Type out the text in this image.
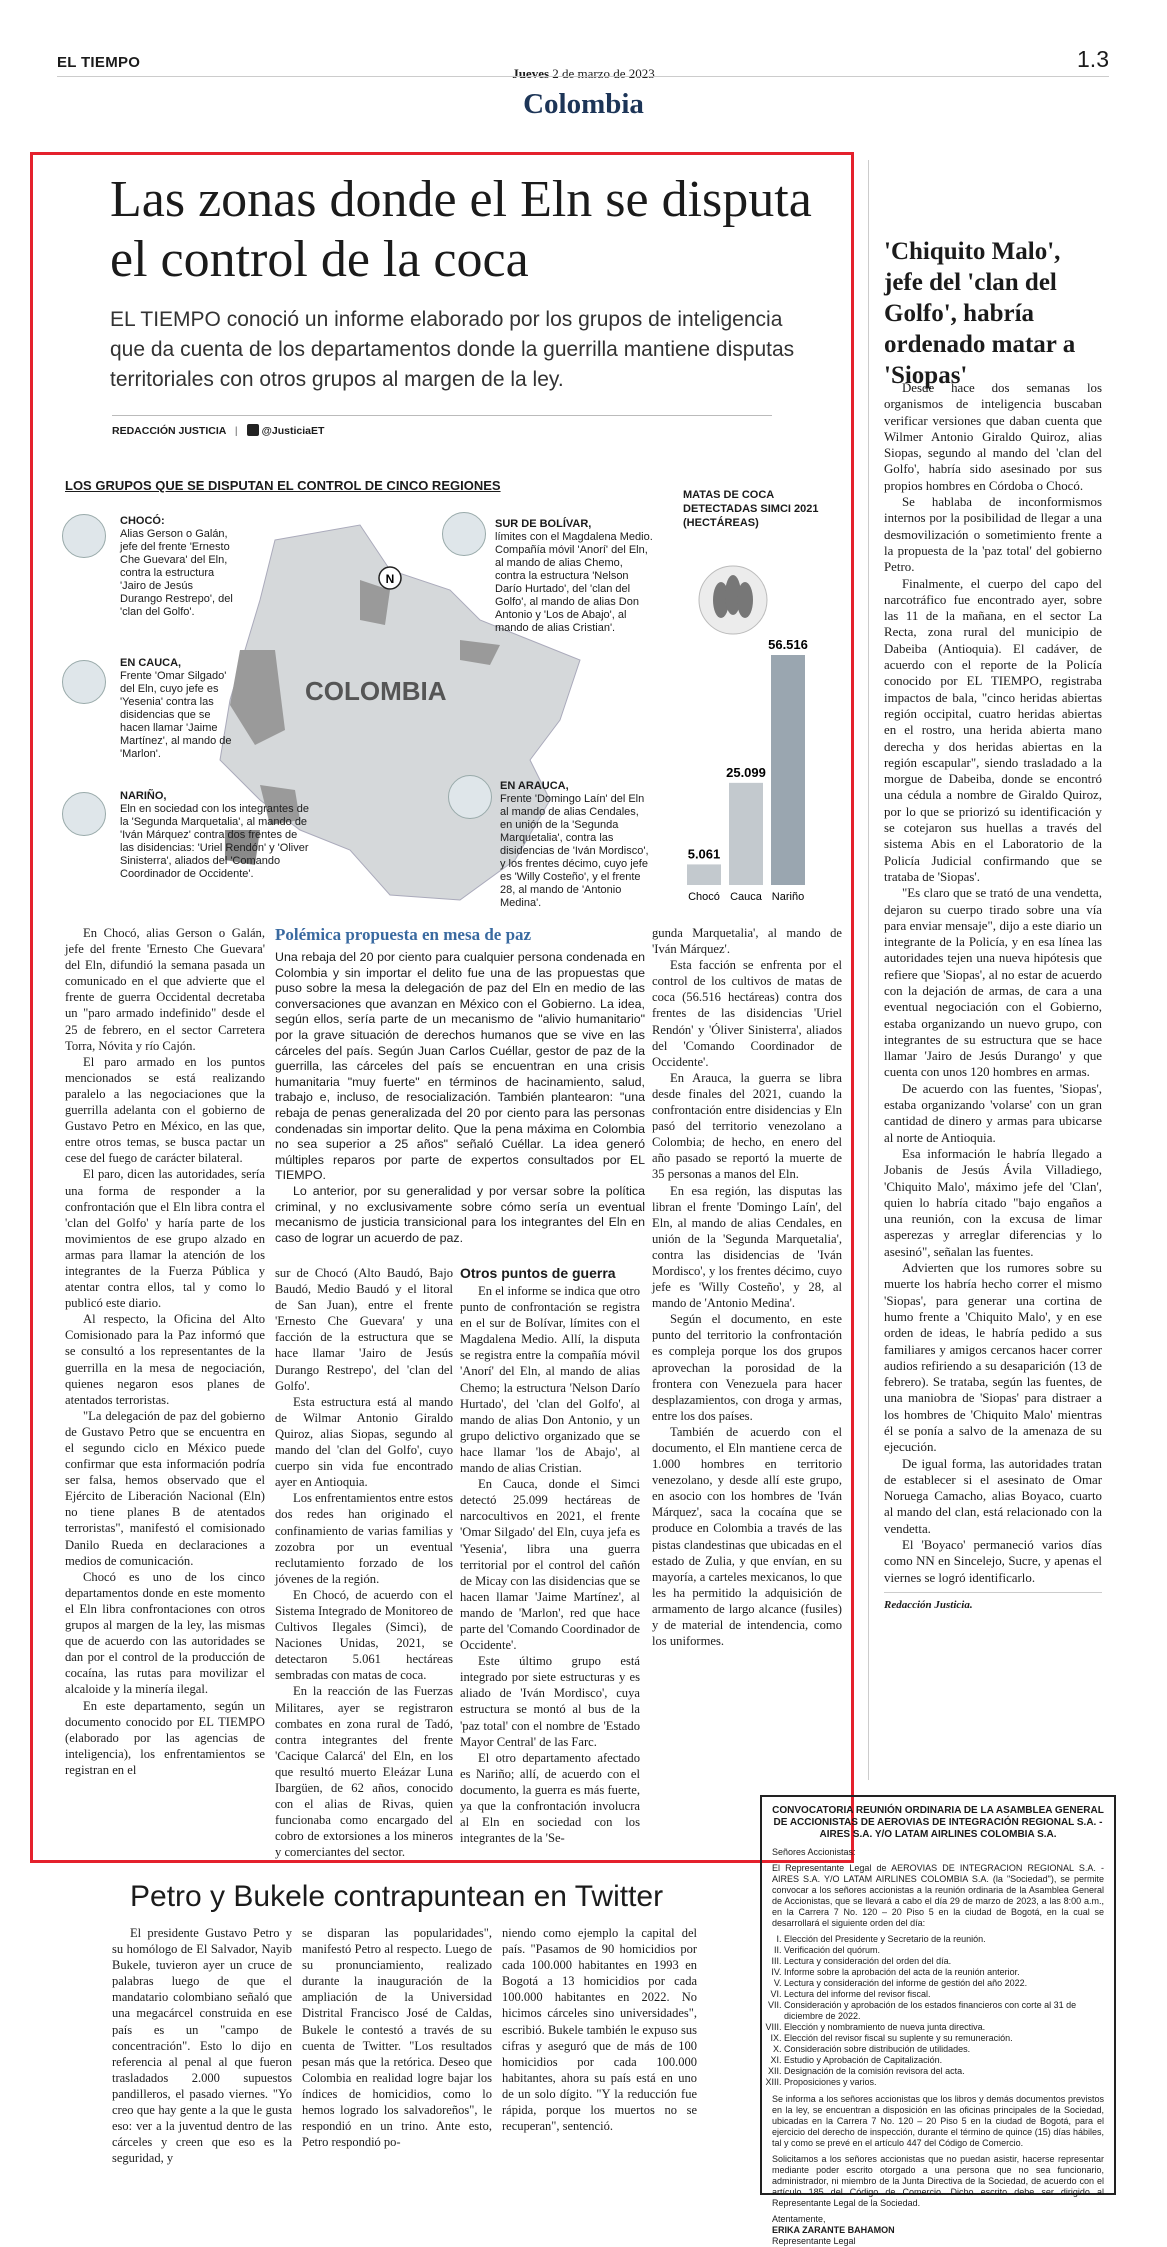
EL TIEMPO
Jueves 2 de marzo de 2023
Colombia
1.3
Las zonas donde el Eln se disputa el control de la coca

EL TIEMPO conoció un informe elaborado por los grupos de inteligencia que da cuenta de los departamentos donde la guerrilla mantiene disputas territoriales con otros grupos al margen de la ley.

REDACCIÓN JUSTICIA | @JusticiaET
LOS GRUPOS QUE SE DISPUTAN EL CONTROL DE CINCO REGIONES
COLOMBIA
N
CHOCÓ:
Alias Gerson o Galán, jefe del frente 'Ernesto Che Guevara' del Eln, contra la estructura 'Jairo de Jesús Durango Restrepo', del 'clan del Golfo'.
EN CAUCA,
Frente 'Omar Silgado' del Eln, cuyo jefe es 'Yesenia' contra las disidencias que se hacen llamar 'Jaime Martínez', al mando de 'Marlon'.
NARIÑO,
Eln en sociedad con los integrantes de la 'Segunda Marquetalia', al mando de 'Iván Márquez' contra dos frentes de las disidencias: 'Uriel Rendón' y 'Oliver Sinisterra', aliados del 'Comando Coordinador de Occidente'.
SUR DE BOLÍVAR,
límites con el Magdalena Medio. Compañía móvil 'Anorí' del Eln, al mando de alias Chemo, contra la estructura 'Nelson Darío Hurtado', del 'clan del Golfo', al mando de alias Don Antonio y 'Los de Abajo', al mando de alias Cristian'.
EN ARAUCA,
Frente 'Domingo Laín' del Eln al mando de alias Cendales, en unión de la 'Segunda Marquetalia', contra las disidencias de 'Iván Mordisco', y los frentes décimo, cuyo jefe es 'Willy Costeño', y el frente 28, al mando de 'Antonio Medina'.
MATAS DE COCA DETECTADAS SIMCI 2021 (HECTÁREAS)
5.061
Chocó
25.099
Cauca
56.516
Nariño

En Chocó, alias Gerson o Galán, jefe del frente 'Ernesto Che Guevara' del Eln, difundió la semana pasada un comunicado en el que advierte que el frente de guerra Occidental decretaba un "paro armado indefinido" desde el 25 de febrero, en el sector Carretera Torra, Nóvita y río Cajón.

El paro armado en los puntos mencionados se está realizando paralelo a las negociaciones que la guerrilla adelanta con el gobierno de Gustavo Petro en México, en las que, entre otros temas, se busca pactar un cese del fuego de carácter bilateral.

El paro, dicen las autoridades, sería una forma de responder a la confrontación que el Eln libra contra el 'clan del Golfo' y haría parte de los movimientos de ese grupo alzado en armas para llamar la atención de los integrantes de la Fuerza Pública y atentar contra ellos, tal y como lo publicó este diario.

Al respecto, la Oficina del Alto Comisionado para la Paz informó que se consultó a los representantes de la guerrilla en la mesa de negociación, quienes negaron esos planes de atentados terroristas.

"La delegación de paz del gobierno de Gustavo Petro que se encuentra en el segundo ciclo en México puede confirmar que esta información podría ser falsa, hemos observado que el Ejército de Liberación Nacional (Eln) no tiene planes B de atentados terroristas", manifestó el comisionado Danilo Rueda en declaraciones a medios de comunicación.

Chocó es uno de los cinco departamentos donde en este momento el Eln libra confrontaciones con otros grupos al margen de la ley, las mismas que de acuerdo con las autoridades se dan por el control de la producción de cocaína, las rutas para movilizar el alcaloide y la minería ilegal.

En este departamento, según un documento conocido por EL TIEMPO (elaborado por las agencias de inteligencia), los enfrentamientos se registran en el

Polémica propuesta en mesa de paz

Una rebaja del 20 por ciento para cualquier persona condenada en Colombia y sin importar el delito fue una de las propuestas que puso sobre la mesa la delegación de paz del Eln en medio de las conversaciones que avanzan en México con el Gobierno. La idea, según ellos, sería parte de un mecanismo de "alivio humanitario" por la grave situación de derechos humanos que se vive en las cárceles del país. Según Juan Carlos Cuéllar, gestor de paz de la guerrilla, las cárceles del país se encuentran en una crisis humanitaria "muy fuerte" en términos de hacinamiento, salud, trabajo e, incluso, de resocialización. También plantearon: "una rebaja de penas generalizada del 20 por ciento para las personas condenadas sin importar delito. Que la pena máxima en Colombia no sea superior a 25 años" señaló Cuéllar. La idea generó múltiples reparos por parte de expertos consultados por EL TIEMPO.

Lo anterior, por su generalidad y por versar sobre la política criminal, y no exclusivamente sobre cómo sería un eventual mecanismo de justicia transicional para los integrantes del Eln en caso de lograr un acuerdo de paz.

sur de Chocó (Alto Baudó, Bajo Baudó, Medio Baudó y el litoral de San Juan), entre el frente 'Ernesto Che Guevara' y una facción de la estructura que se hace llamar 'Jairo de Jesús Durango Restrepo', del 'clan del Golfo'.

Esta estructura está al mando de Wilmar Antonio Giraldo Quiroz, alias Siopas, segundo al mando del 'clan del Golfo', cuyo cuerpo sin vida fue encontrado ayer en Antioquia.

Los enfrentamientos entre estos dos redes han originado el confinamiento de varias familias y zozobra por un eventual reclutamiento forzado de los jóvenes de la región.

En Chocó, de acuerdo con el Sistema Integrado de Monitoreo de Cultivos Ilegales (Simci), de Naciones Unidas, 2021, se detectaron 5.061 hectáreas sembradas con matas de coca.

En la reacción de las Fuerzas Militares, ayer se registraron combates en zona rural de Tadó, contra integrantes del frente 'Cacique Calarcá' del Eln, en los que resultó muerto Eleázar Luna Ibargüen, de 62 años, conocido con el alias de Rivas, quien funcionaba como encargado del cobro de extorsiones a los mineros y comerciantes del sector.

Otros puntos de guerra

En el informe se indica que otro punto de confrontación se registra en el sur de Bolívar, límites con el Magdalena Medio. Allí, la disputa se registra entre la compañía móvil 'Anorí' del Eln, al mando de alias Chemo; la estructura 'Nelson Darío Hurtado', del 'clan del Golfo', al mando de alias Don Antonio, y un grupo delictivo organizado que se hace llamar 'los de Abajo', al mando de alias Cristian.

En Cauca, donde el Simci detectó 25.099 hectáreas de narcocultivos en 2021, el frente 'Omar Silgado' del Eln, cuya jefa es 'Yesenia', libra una guerra territorial por el control del cañón de Micay con las disidencias que se hacen llamar 'Jaime Martínez', al mando de 'Marlon', red que hace parte del 'Comando Coordinador de Occidente'.

Este último grupo está integrado por siete estructuras y es aliado de 'Iván Mordisco', cuya estructura se montó al bus de la 'paz total' con el nombre de 'Estado Mayor Central' de las Farc.

El otro departamento afectado es Nariño; allí, de acuerdo con el documento, la guerra es más fuerte, ya que la confrontación involucra al Eln en sociedad con los integrantes de la 'Se-

gunda Marquetalia', al mando de 'Iván Márquez'.

Esta facción se enfrenta por el control de los cultivos de matas de coca (56.516 hectáreas) contra dos frentes de las disidencias 'Uriel Rendón' y 'Óliver Sinisterra', aliados del 'Comando Coordinador de Occidente'.

En Arauca, la guerra se libra desde finales del 2021, cuando la confrontación entre disidencias y Eln pasó del territorio venezolano a Colombia; de hecho, en enero del año pasado se reportó la muerte de 35 personas a manos del Eln.

En esa región, las disputas las libran el frente 'Domingo Laín', del Eln, al mando de alias Cendales, en unión de la 'Segunda Marquetalia', contra las disidencias de 'Iván Mordisco', y los frentes décimo, cuyo jefe es 'Willy Costeño', y 28, al mando de 'Antonio Medina'.

Según el documento, en este punto del territorio la confrontación es compleja porque los dos grupos aprovechan la porosidad de la frontera con Venezuela para hacer desplazamientos, con droga y armas, entre los dos países.

También de acuerdo con el documento, el Eln mantiene cerca de 1.000 hombres en territorio venezolano, y desde allí este grupo, en asocio con los hombres de 'Iván Márquez', saca la cocaína que se produce en Colombia a través de las pistas clandestinas que ubicadas en el estado de Zulia, y que envían, en su mayoría, a carteles mexicanos, lo que les ha permitido la adquisición de armamento de largo alcance (fusiles) y de material de intendencia, como los uniformes.

'Chiquito Malo', jefe del 'clan del Golfo', habría ordenado matar a 'Siopas'

Desde hace dos semanas los organismos de inteligencia buscaban verificar versiones que daban cuenta que Wilmer Antonio Giraldo Quiroz, alias Siopas, segundo al mando del 'clan del Golfo', habría sido asesinado por sus propios hombres en Córdoba o Chocó.

Se hablaba de inconformismos internos por la posibilidad de llegar a una desmovilización o sometimiento frente a la propuesta de la 'paz total' del gobierno Petro.

Finalmente, el cuerpo del capo del narcotráfico fue encontrado ayer, sobre las 11 de la mañana, en el sector La Recta, zona rural del municipio de Dabeiba (Antioquia). El cadáver, de acuerdo con el reporte de la Policía conocido por EL TIEMPO, registraba impactos de bala, "cinco heridas abiertas región occipital, cuatro heridas abiertas en el rostro, una herida abierta mano derecha y dos heridas abiertas en la región escapular", siendo trasladado a la morgue de Dabeiba, donde se encontró una cédula a nombre de Giraldo Quiroz, por lo que se priorizó su identificación y se cotejaron sus huellas a través del sistema Abis en el Laboratorio de la Policía Judicial confirmando que se trataba de 'Siopas'.

"Es claro que se trató de una vendetta, dejaron su cuerpo tirado sobre una vía para enviar mensaje", dijo a este diario un integrante de la Policía, y en esa línea las autoridades tejen una nueva hipótesis que refiere que 'Siopas', al no estar de acuerdo con la dejación de armas, de cara a una eventual negociación con el Gobierno, estaba organizando un nuevo grupo, con integrantes de su estructura que se hace llamar 'Jairo de Jesús Durango' y que cuenta con unos 120 hombres en armas.

De acuerdo con las fuentes, 'Siopas', estaba organizando 'volarse' con un gran cantidad de dinero y armas para ubicarse al norte de Antioquia.

Esa información le habría llegado a Jobanis de Jesús Ávila Villadiego, 'Chiquito Malo', máximo jefe del 'Clan', quien lo habría citado "bajo engaños a una reunión, con la excusa de limar asperezas y arreglar diferencias y lo asesinó", señalan las fuentes.

Advierten que los rumores sobre su muerte los habría hecho correr el mismo 'Siopas', para generar una cortina de humo frente a 'Chiquito Malo', y en ese orden de ideas, le habría pedido a sus familiares y amigos cercanos hacer correr audios refiriendo a su desaparición (13 de febrero). Se trataba, según las fuentes, de una maniobra de 'Siopas' para distraer a los hombres de 'Chiquito Malo' mientras él se ponía a salvo de la amenaza de su ejecución.

De igual forma, las autoridades tratan de establecer si el asesinato de Omar Noruega Camacho, alias Boyaco, cuarto al mando del clan, está relacionado con la vendetta.

El 'Boyaco' permaneció varios días como NN en Sincelejo, Sucre, y apenas el viernes se logró identificarlo.

Redacción Justicia.

CONVOCATORIA REUNIÓN ORDINARIA DE LA ASAMBLEA GENERAL DE ACCIONISTAS DE AEROVIAS DE INTEGRACIÓN REGIONAL S.A. - AIRES S.A. Y/O LATAM AIRLINES COLOMBIA S.A.

Señores Accionistas:

El Representante Legal de AEROVIAS DE INTEGRACION REGIONAL S.A. - AIRES S.A. Y/O LATAM AIRLINES COLOMBIA S.A. (la "Sociedad"), se permite convocar a los señores accionistas a la reunión ordinaria de la Asamblea General de Accionistas, que se llevará a cabo el día 29 de marzo de 2023, a las 8:00 a.m., en la Carrera 7 No. 120 – 20 Piso 5 en la ciudad de Bogotá, en la cual se desarrollará el siguiente orden del día:

I. Elección del Presidente y Secretario de la reunión.
II. Verificación del quórum.
III. Lectura y consideración del orden del día.
IV. Informe sobre la aprobación del acta de la reunión anterior.
V. Lectura y consideración del informe de gestión del año 2022.
VI. Lectura del informe del revisor fiscal.
VII. Consideración y aprobación de los estados financieros con corte al 31 de diciembre de 2022.
VIII. Elección y nombramiento de nueva junta directiva.
IX. Elección del revisor fiscal su suplente y su remuneración.
X. Consideración sobre distribución de utilidades.
XI. Estudio y Aprobación de Capitalización.
XII. Designación de la comisión revisora del acta.
XIII. Proposiciones y varios.

Se informa a los señores accionistas que los libros y demás documentos previstos en la ley, se encuentran a disposición en las oficinas principales de la Sociedad, ubicadas en la Carrera 7 No. 120 – 20 Piso 5 en la ciudad de Bogotá, para el ejercicio del derecho de inspección, durante el término de quince (15) días hábiles, tal y como se prevé en el artículo 447 del Código de Comercio.

Solicitamos a los señores accionistas que no puedan asistir, hacerse representar mediante poder escrito otorgado a una persona que no sea funcionario, administrador, ni miembro de la Junta Directiva de la Sociedad, de acuerdo con el artículo 185 del Código de Comercio. Dicho escrito debe ser dirigido al Representante Legal de la Sociedad.

Atentamente,

ERIKA ZARANTE BAHAMON

Representante Legal

Petro y Bukele contrapuntean en Twitter

El presidente Gustavo Petro y su homólogo de El Salvador, Nayib Bukele, tuvieron ayer un cruce de palabras luego de que el mandatario colombiano señaló que una megacárcel construida en ese país es un "campo de concentración". Esto lo dijo en referencia al penal al que fueron trasladados 2.000 supuestos pandilleros, el pasado viernes. "Yo creo que hay gente a la que le gusta eso: ver a la juventud dentro de las cárceles y creen que eso es la seguridad, y

se disparan las popularidades", manifestó Petro al respecto. Luego de su pronunciamiento, realizado durante la inauguración de la ampliación de la Universidad Distrital Francisco José de Caldas, Bukele le contestó a través de su cuenta de Twitter. "Los resultados pesan más que la retórica. Deseo que Colombia en realidad logre bajar los índices de homicidios, como lo hemos logrado los salvadoreños", le respondió en un trino. Ante esto, Petro respondió po-

niendo como ejemplo la capital del país. "Pasamos de 90 homicidios por cada 100.000 habitantes en 1993 en Bogotá a 13 homicidios por cada 100.000 habitantes en 2022. No hicimos cárceles sino universidades", escribió. Bukele también le expuso sus cifras y aseguró que de más de 100 homicidios por cada 100.000 habitantes, ahora su país está en uno de un solo dígito. "Y la reducción fue rápida, porque los muertos no se recuperan", sentenció.
